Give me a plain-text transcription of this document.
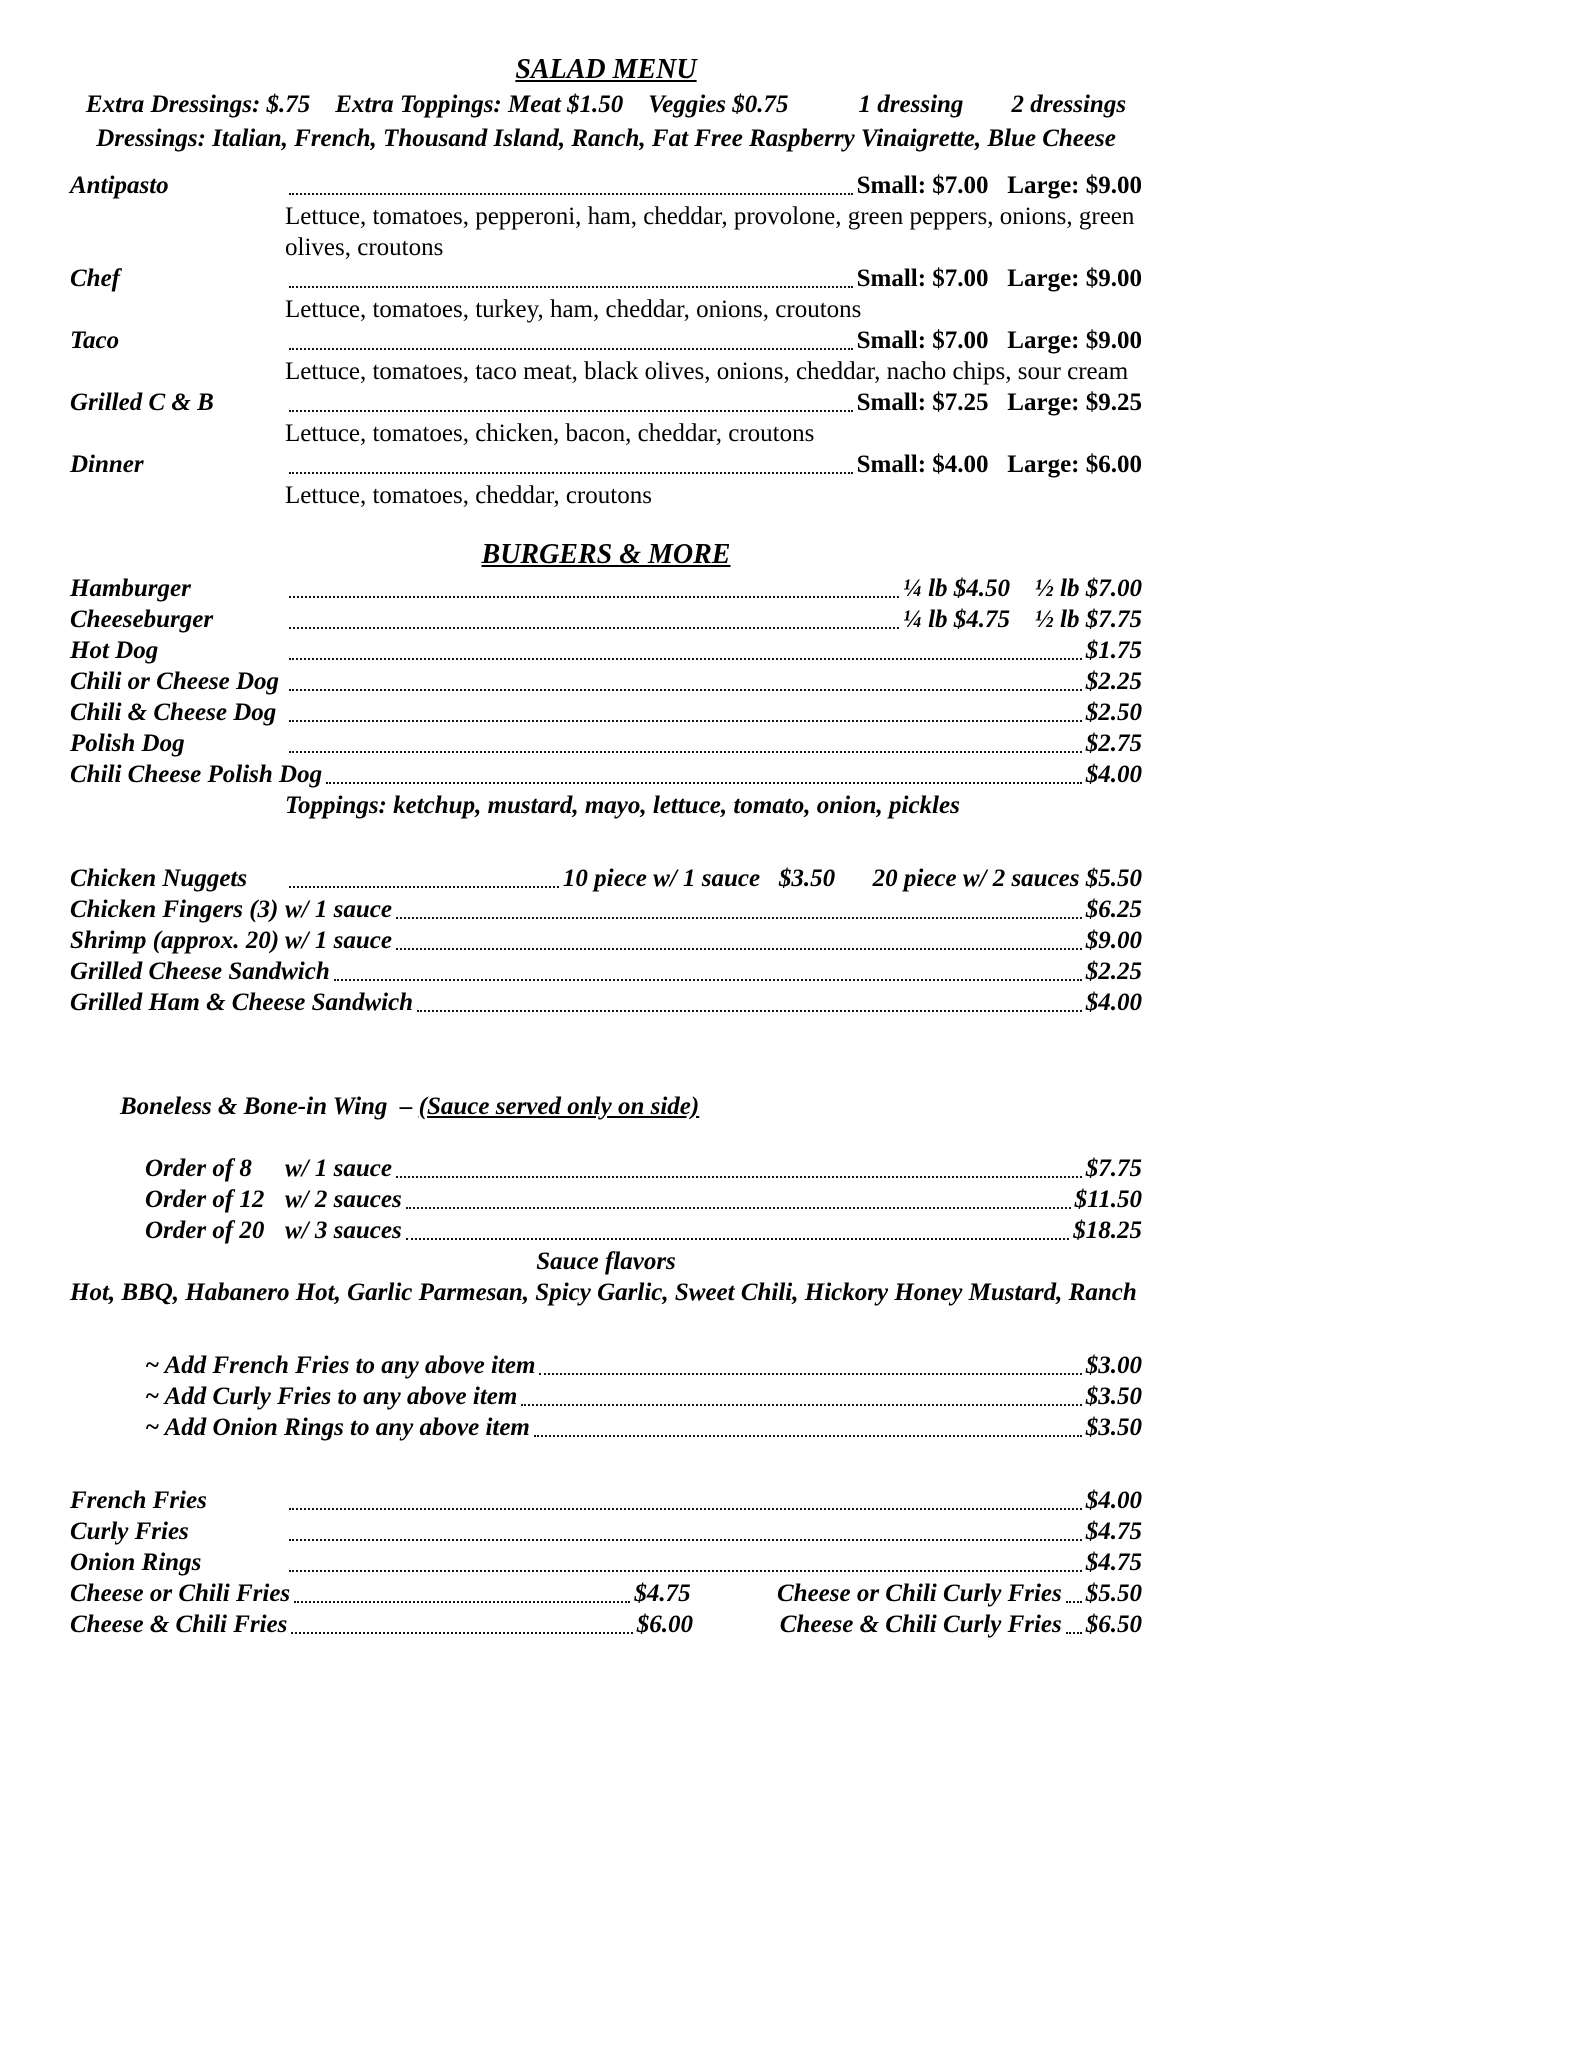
SALAD MENU
Extra Dressings: $.75    Extra Toppings: Meat $1.50    Veggies $0.75	1 dressing 2 dressings
Dressings: Italian, French, Thousand Island, Ranch, Fat Free Raspberry Vinaigrette, Blue Cheese
Antipasto	Small: $7.00   Large: $9.00
Lettuce, tomatoes, pepperoni, ham, cheddar, provolone, green peppers, onions, green olives, croutons
Chef	Small: $7.00   Large: $9.00
Lettuce, tomatoes, turkey, ham, cheddar, onions, croutons
Taco	Small: $7.00   Large: $9.00
Lettuce, tomatoes, taco meat, black olives, onions, cheddar, nacho chips, sour cream
Grilled C & B	Small: $7.25   Large: $9.25
Lettuce, tomatoes, chicken, bacon, cheddar, croutons
Dinner	Small: $4.00   Large: $6.00
Lettuce, tomatoes, cheddar, croutons
BURGERS & MORE
Hamburger	¼ lb $4.50    ½ lb $7.00
Cheeseburger	¼ lb $4.75    ½ lb $7.75
Hot Dog	$1.75
Chili or Cheese Dog	$2.25
Chili & Cheese Dog	$2.50
Polish Dog	$2.75
Chili Cheese Polish Dog	$4.00
Toppings: ketchup, mustard, mayo, lettuce, tomato, onion, pickles
Chicken Nuggets	10 piece w/ 1 sauce   $3.50      20 piece w/ 2 sauces $5.50
Chicken Fingers (3) w/ 1 sauce	$6.25
Shrimp (approx. 20) w/ 1 sauce	$9.00
Grilled Cheese Sandwich	$2.25
Grilled Ham & Cheese Sandwich	$4.00

Boneless & Bone-in Wing  – (Sauce served only on side)

Order of 8	w/ 1 sauce	$7.75
Order of 12 w/ 2 sauces	$11.50
Order of 20 w/ 3 sauces	$18.25
Sauce flavors
Hot, BBQ, Habanero Hot, Garlic Parmesan, Spicy Garlic, Sweet Chili, Hickory Honey Mustard, Ranch
~ Add French Fries to any above item	$3.00
~ Add Curly Fries to any above item	$3.50
~ Add Onion Rings to any above item	$3.50
French Fries	$4.00
Curly Fries	$4.75
Onion Rings	$4.75
Cheese or Chili Fries	$4.75	Cheese or Chili Curly Fries $5.50
Cheese & Chili Fries	$6.00	Cheese & Chili Curly Fries $6.50
